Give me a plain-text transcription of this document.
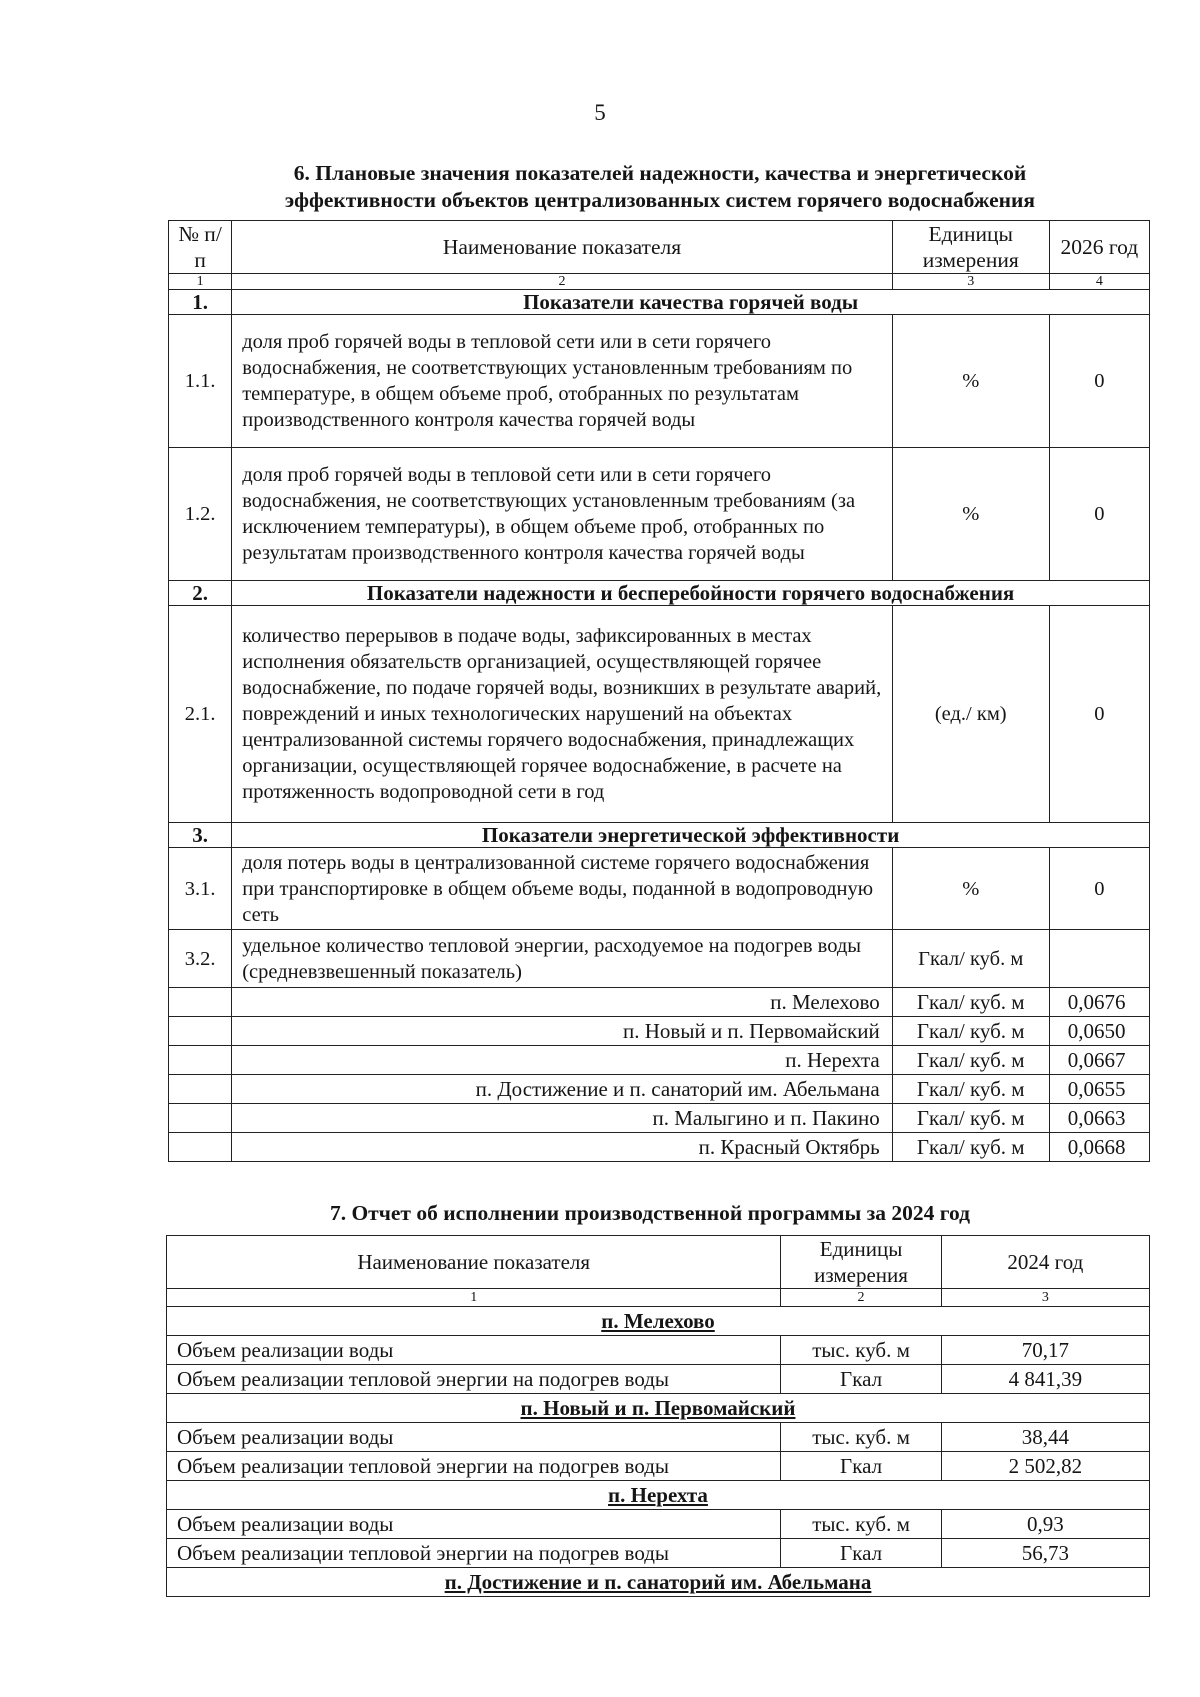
5
6. Плановые значения показателей надежности, качества и энергетической
эффективности объектов централизованных систем горячего водоснабжения
№ п/п	Наименование показателя	Единицы измерения	2026 год
1	2	3	4
1.	Показатели качества горячей воды		
1.1.	доля проб горячей воды в тепловой сети или в сети горячего водоснабжения, не соответствующих установленным требованиям по температуре, в общем объеме проб, отобранных по результатам производственного контроля качества горячей воды	%	0
1.2.	доля проб горячей воды в тепловой сети или в сети горячего водоснабжения, не соответствующих установленным требованиям (за исключением температуры), в общем объеме проб, отобранных по результатам производственного контроля качества горячей воды	%	0
2.	Показатели надежности и бесперебойности горячего водоснабжения		
2.1.	количество перерывов в подаче воды, зафиксированных в местах исполнения обязательств организацией, осуществляющей горячее водоснабжение, по подаче горячей воды, возникших в результате аварий, повреждений и иных технологических нарушений на объектах централизованной системы горячего водоснабжения, принадлежащих организации, осуществляющей горячее водоснабжение, в расчете на протяженность водопроводной сети в год	(ед./ км)	0
3.	Показатели энергетической эффективности		
3.1.	доля потерь воды в централизованной системе горячего водоснабжения при транспортировке в общем объеме воды, поданной в водопроводную сеть	%	0
3.2.	удельное количество тепловой энергии, расходуемое на подогрев воды (средневзвешенный показатель)	Гкал/ куб. м	
	п. Мелехово	Гкал/ куб. м	0,0676
	п. Новый и п. Первомайский	Гкал/ куб. м	0,0650
	п. Нерехта	Гкал/ куб. м	0,0667
	п. Достижение и п. санаторий им. Абельмана	Гкал/ куб. м	0,0655
	п. Малыгино и п. Пакино	Гкал/ куб. м	0,0663
	п. Красный Октябрь	Гкал/ куб. м	0,0668
7. Отчет об исполнении производственной программы за 2024 год
Наименование показателя	Единицы измерения	2024 год
1	2	3
п. Мелехово		
Объем реализации воды	тыс. куб. м	70,17
Объем реализации тепловой энергии на подогрев воды	Гкал	4 841,39
п. Новый и п. Первомайский		
Объем реализации воды	тыс. куб. м	38,44
Объем реализации тепловой энергии на подогрев воды	Гкал	2 502,82
п. Нерехта		
Объем реализации воды	тыс. куб. м	0,93
Объем реализации тепловой энергии на подогрев воды	Гкал	56,73
п. Достижение и п. санаторий им. Абельмана		
